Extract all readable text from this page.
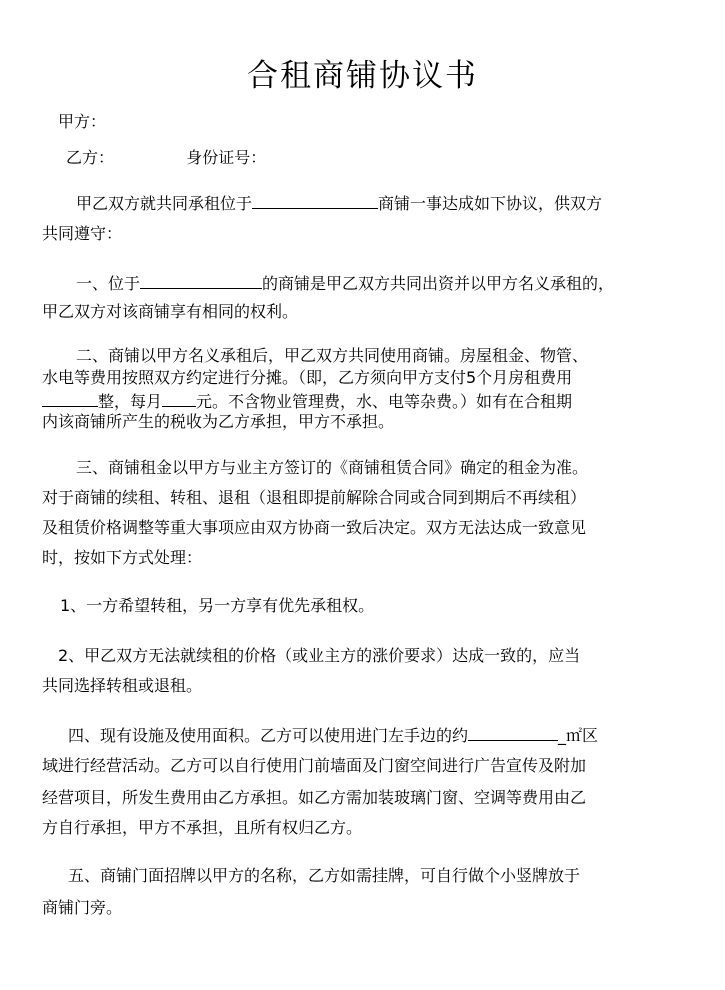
合租商铺协议书
甲方：
乙方：	身份证号：
甲乙双方就共同承租位于	商铺一事达成如下协议，供双方
共同遵守：
一、位于	的商铺是甲乙双方共同出资并以甲方名义承租的，
甲乙双方对该商铺享有相同的权利。
二、商铺以甲方名义承租后，甲乙双方共同使用商铺。房屋租金、物管、
水电等费用按照双方约定进行分摊。（即，乙方须向甲方支付5个月房租费用
整，每月 元。不含物业管理费，水、电等杂费。）如有在合租期
内该商铺所产生的税收为乙方承担，甲方不承担。
三、商铺租金以甲方与业主方签订的《商铺租赁合同》确定的租金为准。
对于商铺的续租、转租、退租（退租即提前解除合同或合同到期后不再续租）
及租赁价格调整等重大事项应由双方协商一致后决定。双方无法达成一致意见
时，按如下方式处理：
1、一方希望转租，另一方享有优先承租权。
2、甲乙双方无法就续租的价格（或业主方的涨价要求）达成一致的，应当
共同选择转租或退租。
四、现有设施及使用面积。乙方可以使用进门左手边的约	_㎡区
域进行经营活动。乙方可以自行使用门前墙面及门窗空间进行广告宣传及附加
经营项目，所发生费用由乙方承担。如乙方需加装玻璃门窗、空调等费用由乙
方自行承担，甲方不承担，且所有权归乙方。
五、商铺门面招牌以甲方的名称，乙方如需挂牌，可自行做个小竖牌放于
商铺门旁。
